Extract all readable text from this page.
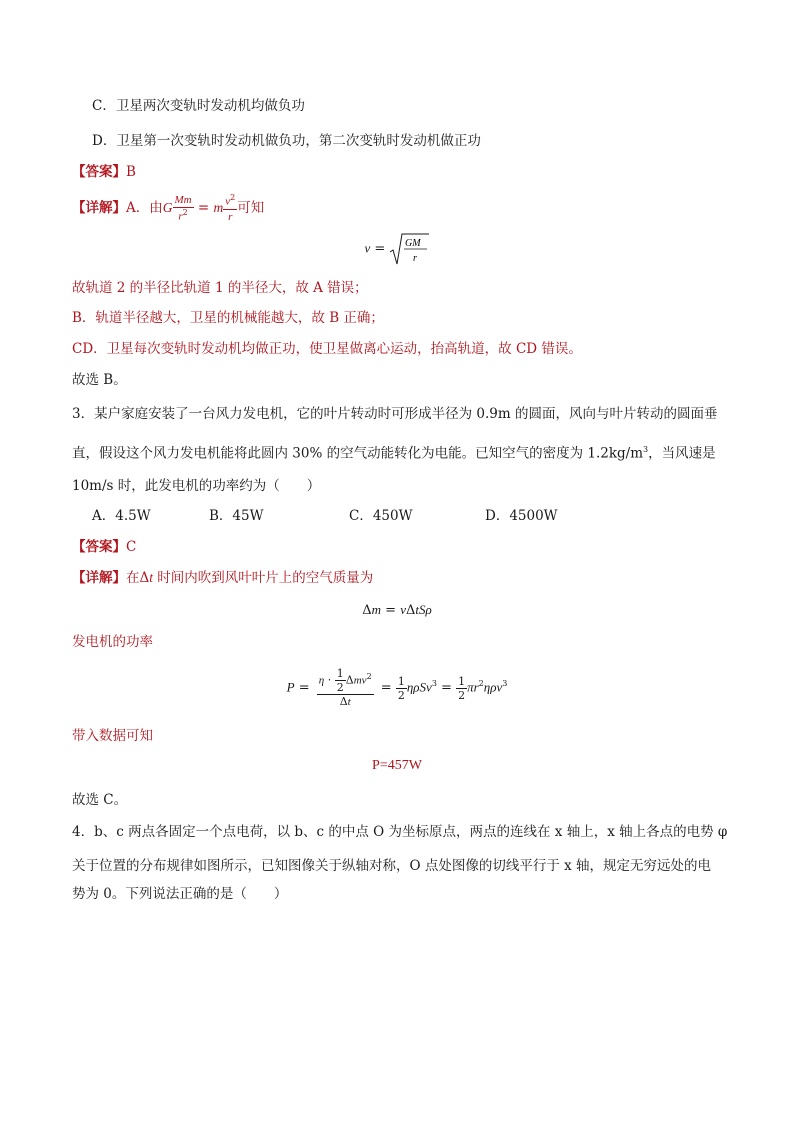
C．卫星两次变轨时发动机均做负功
D．卫星第一次变轨时发动机做负功，第二次变轨时发动机做正功
【答案】B
【详解】A．由G $\frac{Mm}{r^2} = m \frac{v^2}{r}$ 可知
v = GM
r
故轨道 2 的半径比轨道 1 的半径大，故 A 错误；
B．轨道半径越大，卫星的机械能越大，故 B 正确；
CD．卫星每次变轨时发动机均做正功，使卫星做离心运动，抬高轨道，故 CD 错误。
故选 B。
3．某户家庭安装了一台风力发电机，它的叶片转动时可形成半径为 0.9m 的圆面，风向与叶片转动的圆面垂
直，假设这个风力发电机能将此圆内 30% 的空气动能转化为电能。已知空气的密度为 $1.2kg/m^3$，当风速是
10m/s 时，此发电机的功率约为（　　）
A．4.5W	B．45W	C．450W	D．4500W
【答案】C
【详解】在Δt 时间内吹到风叶叶片上的空气质量为
Δm = vΔtSρ
发电机的功率
$P = \frac{\eta \cdot \frac{1}{2} \Delta mv^2}{\Delta t} = \frac{1}{2} \eta\rho Sv^3 = \frac{1}{2} \pi r^2\eta\rho v^3$
带入数据可知
P=457W
故选 C。
4．b、c 两点各固定一个点电荷，以 b、c 的中点 O 为坐标原点，两点的连线在 x 轴上，x 轴上各点的电势 φ
关于位置的分布规律如图所示，已知图像关于纵轴对称，O 点处图像的切线平行于 x 轴，规定无穷远处的电
势为 0。下列说法正确的是（　　）
